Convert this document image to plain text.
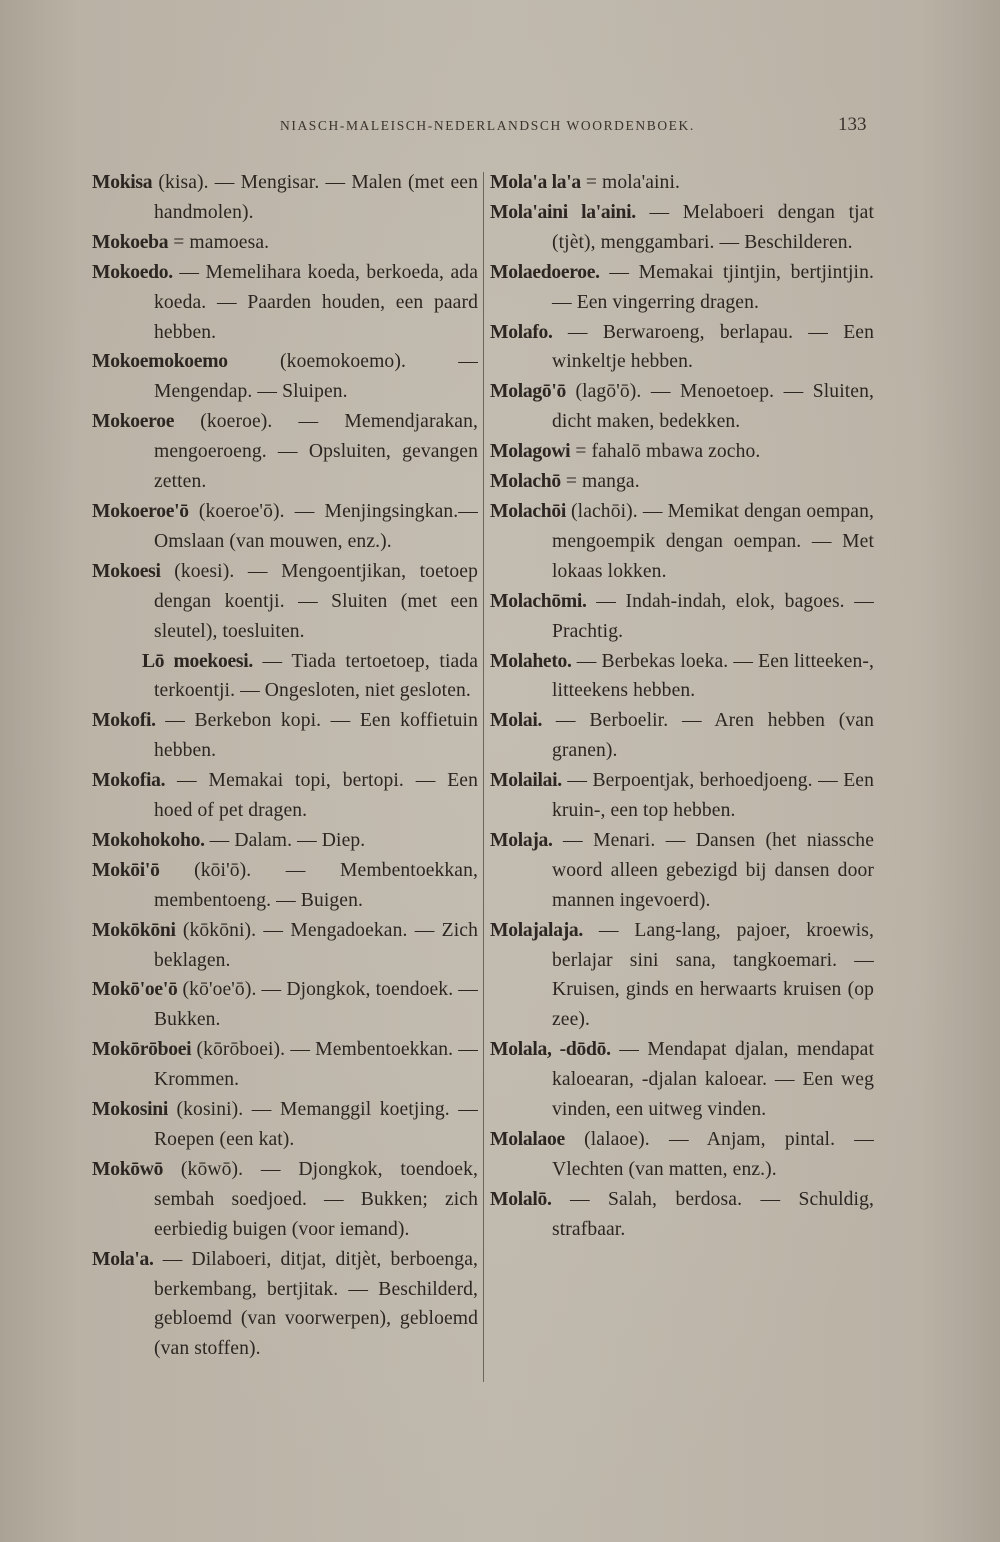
NIASCH-MALEISCH-NEDERLANDSCH WOORDENBOEK.	133

Mokisa (kisa). — Mengisar. — Malen (met een handmolen).

Mokoeba = mamoesa.

Mokoedo. — Memelihara koeda, berkoeda, ada koeda. — Paarden houden, een paard hebben.

Mokoemokoemo (koemokoemo). — Mengendap. — Sluipen.

Mokoeroe (koeroe). — Memendjarakan, mengoeroeng. — Opsluiten, gevangen zetten.

Mokoeroe'ō (koeroe'ō). — Menjingsingkan.—Omslaan (van mouwen, enz.).

Mokoesi (koesi). — Mengoentjikan, toetoep dengan koentji. — Sluiten (met een sleutel), toesluiten.

Lō moekoesi. — Tiada tertoetoep, tiada terkoentji. — Ongesloten, niet gesloten.

Mokofi. — Berkebon kopi. — Een koffietuin hebben.

Mokofia. — Memakai topi, bertopi. — Een hoed of pet dragen.

Mokohokoho. — Dalam. — Diep.

Mokōi'ō (kōi'ō). — Membentoekkan, membentoeng. — Buigen.

Mokōkōni (kōkōni). — Mengadoekan. — Zich beklagen.

Mokō'oe'ō (kō'oe'ō). — Djongkok, toendoek. — Bukken.

Mokōrōboei (kōrōboei). — Membentoekkan. — Krommen.

Mokosini (kosini). — Memanggil koetjing. — Roepen (een kat).

Mokōwō (kōwō). — Djongkok, toendoek, sembah soedjoed. — Bukken; zich eerbiedig buigen (voor iemand).

Mola'a. — Dilaboeri, ditjat, ditjèt, berboenga, berkembang, bertjitak. — Beschilderd, gebloemd (van voorwerpen), gebloemd (van stoffen).

Mola'a la'a = mola'aini.

Mola'aini la'aini. — Melaboeri dengan tjat (tjèt), menggambari. — Beschilderen.

Molaedoeroe. — Memakai tjintjin, bertjintjin. — Een vingerring dragen.

Molafo. — Berwaroeng, berlapau. — Een winkeltje hebben.

Molagō'ō (lagō'ō). — Menoetoep. — Sluiten, dicht maken, bedekken.

Molagowi = fahalō mbawa zocho.

Molachō = manga.

Molachōi (lachōi). — Memikat dengan oempan, mengoempik dengan oempan. — Met lokaas lokken.

Molachōmi. — Indah-indah, elok, bagoes. — Prachtig.

Molaheto. — Berbekas loeka. — Een litteeken-, litteekens hebben.

Molai. — Berboelir. — Aren hebben (van granen).

Molailai. — Berpoentjak, berhoedjoeng. — Een kruin-, een top hebben.

Molaja. — Menari. — Dansen (het niassche woord alleen gebezigd bij dansen door mannen ingevoerd).

Molajalaja. — Lang-lang, pajoer, kroewis, berlajar sini sana, tangkoemari. — Kruisen, ginds en herwaarts kruisen (op zee).

Molala, -dōdō. — Mendapat djalan, mendapat kaloearan, -djalan kaloear. — Een weg vinden, een uitweg vinden.

Molalaoe (lalaoe). — Anjam, pintal. — Vlechten (van matten, enz.).

Molalō. — Salah, berdosa. — Schuldig, strafbaar.
